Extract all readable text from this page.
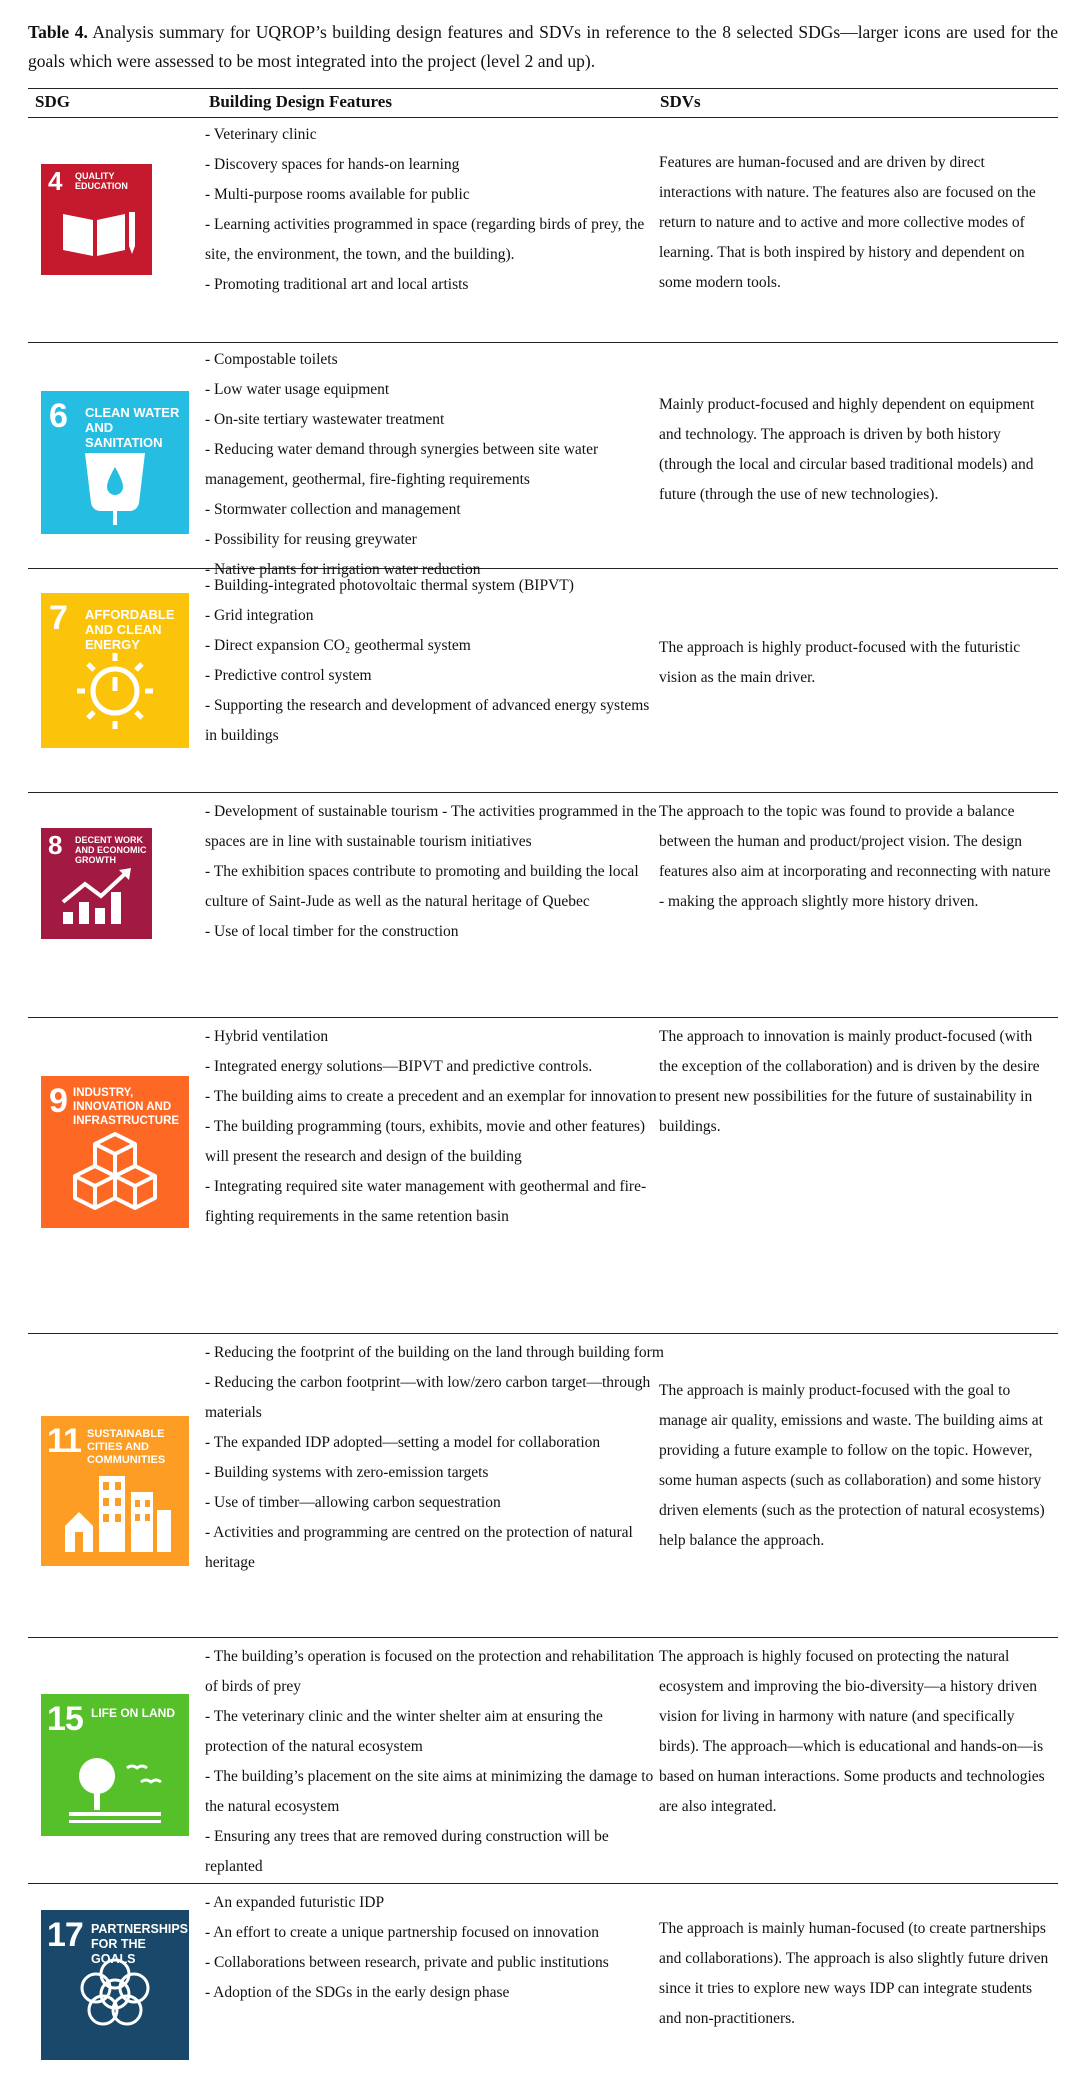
Table 4. Analysis summary for UQROP’s building design features and SDVs in reference to the 8 selected SDGs—larger icons are used for the goals which were assessed to be most integrated into the project (level 2 and up).
SDG	Building Design Features	SDVs
4 QUALITY EDUCATION
- Veterinary clinic
- Discovery spaces for hands-on learning
- Multi-purpose rooms available for public
- Learning activities programmed in space (regarding birds of prey, the site, the environment, the town, and the building).
- Promoting traditional art and local artists
Features are human-focused and are driven by direct interactions with nature. The features also are focused on the return to nature and to active and more collective modes of learning. That is both inspired by history and dependent on some modern tools.
6 CLEAN WATER AND SANITATION
- Compostable toilets
- Low water usage equipment
- On-site tertiary wastewater treatment
- Reducing water demand through synergies between site water management, geothermal, fire-fighting requirements
- Stormwater collection and management
- Possibility for reusing greywater
- Native plants for irrigation water reduction
Mainly product-focused and highly dependent on equipment and technology. The approach is driven by both history (through the local and circular based traditional models) and future (through the use of new technologies).
7 AFFORDABLE AND CLEAN ENERGY
- Building-integrated photovoltaic thermal system (BIPVT)
- Grid integration
- Direct expansion CO₂ geothermal system
- Predictive control system
- Supporting the research and development of advanced energy systems in buildings
The approach is highly product-focused with the futuristic vision as the main driver.
8 DECENT WORK AND ECONOMIC GROWTH
- Development of sustainable tourism - The activities programmed in the spaces are in line with sustainable tourism initiatives
- The exhibition spaces contribute to promoting and building the local culture of Saint-Jude as well as the natural heritage of Quebec
- Use of local timber for the construction
The approach to the topic was found to provide a balance between the human and product/project vision. The design features also aim at incorporating and reconnecting with nature - making the approach slightly more history driven.
9 INDUSTRY, INNOVATION AND INFRASTRUCTURE
- Hybrid ventilation
- Integrated energy solutions—BIPVT and predictive controls.
- The building aims to create a precedent and an exemplar for innovation
- The building programming (tours, exhibits, movie and other features) will present the research and design of the building
- Integrating required site water management with geothermal and fire-fighting requirements in the same retention basin
The approach to innovation is mainly product-focused (with the exception of the collaboration) and is driven by the desire to present new possibilities for the future of sustainability in buildings.
11 SUSTAINABLE CITIES AND COMMUNITIES
- Reducing the footprint of the building on the land through building form
- Reducing the carbon footprint—with low/zero carbon target—through materials
- The expanded IDP adopted—setting a model for collaboration
- Building systems with zero-emission targets
- Use of timber—allowing carbon sequestration
- Activities and programming are centred on the protection of natural heritage
The approach is mainly product-focused with the goal to manage air quality, emissions and waste. The building aims at providing a future example to follow on the topic. However, some human aspects (such as collaboration) and some history driven elements (such as the protection of natural ecosystems) help balance the approach.
15 LIFE ON LAND
- The building’s operation is focused on the protection and rehabilitation of birds of prey
- The veterinary clinic and the winter shelter aim at ensuring the protection of the natural ecosystem
- The building’s placement on the site aims at minimizing the damage to the natural ecosystem
- Ensuring any trees that are removed during construction will be replanted
The approach is highly focused on protecting the natural ecosystem and improving the bio-diversity—a history driven vision for living in harmony with nature (and specifically birds). The approach—which is educational and hands-on—is based on human interactions. Some products and technologies are also integrated.
17 PARTNERSHIPS FOR THE GOALS
- An expanded futuristic IDP
- An effort to create a unique partnership focused on innovation
- Collaborations between research, private and public institutions
- Adoption of the SDGs in the early design phase
The approach is mainly human-focused (to create partnerships and collaborations). The approach is also slightly future driven since it tries to explore new ways IDP can integrate students and non-practitioners.
